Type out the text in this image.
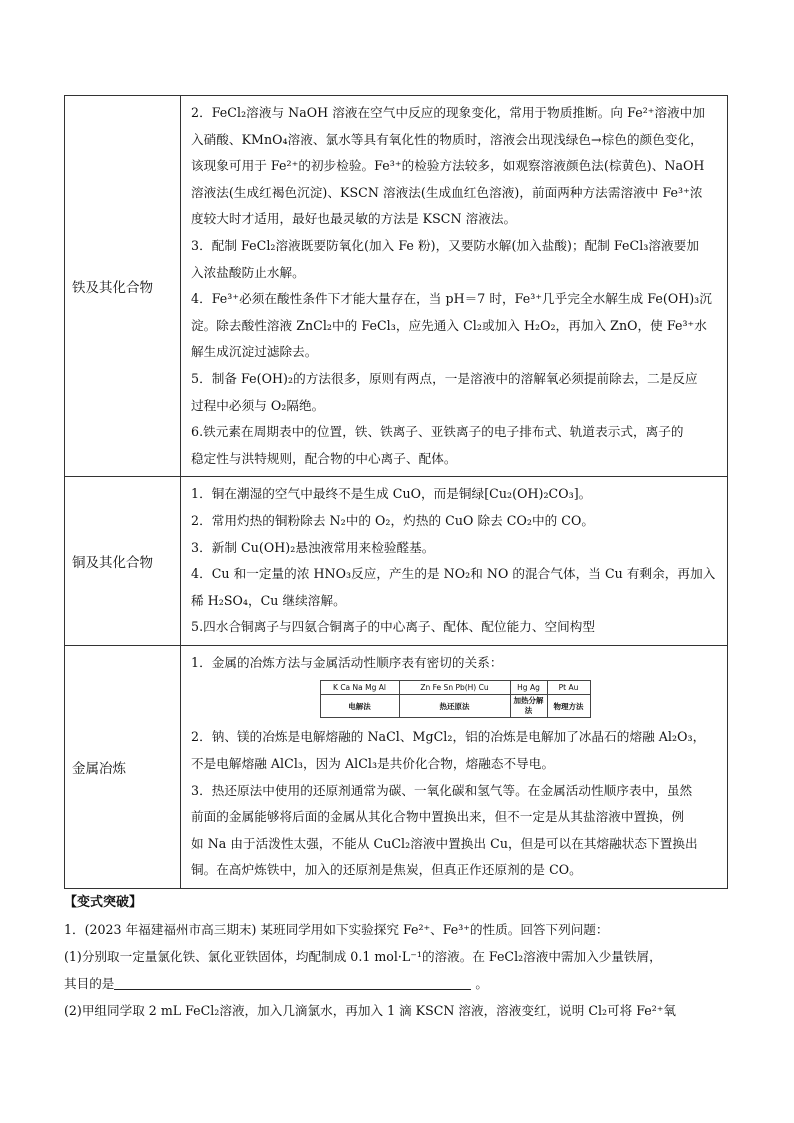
铁及其化合物	
2．FeCl₂溶液与 NaOH 溶液在空气中反应的现象变化，常用于物质推断。向 Fe²⁺溶液中加
入硝酸、KMnO₄溶液、氯水等具有氧化性的物质时，溶液会出现浅绿色→棕色的颜色变化，
该现象可用于 Fe²⁺的初步检验。Fe³⁺的检验方法较多，如观察溶液颜色法(棕黄色)、NaOH
溶液法(生成红褐色沉淀)、KSCN 溶液法(生成血红色溶液)，前面两种方法需溶液中 Fe³⁺浓
度较大时才适用，最好也最灵敏的方法是 KSCN 溶液法。
3．配制 FeCl₂溶液既要防氧化(加入 Fe 粉)，又要防水解(加入盐酸)；配制 FeCl₃溶液要加
入浓盐酸防止水解。
4．Fe³⁺必须在酸性条件下才能大量存在，当 pH＝7 时，Fe³⁺几乎完全水解生成 Fe(OH)₃沉
淀。除去酸性溶液 ZnCl₂中的 FeCl₃，应先通入 Cl₂或加入 H₂O₂，再加入 ZnO，使 Fe³⁺水
解生成沉淀过滤除去。
5．制备 Fe(OH)₂的方法很多，原则有两点，一是溶液中的溶解氧必须提前除去，二是反应
过程中必须与 O₂隔绝。
6.铁元素在周期表中的位置，铁、铁离子、亚铁离子的电子排布式、轨道表示式，离子的
稳定性与洪特规则，配合物的中心离子、配体。

铜及其化合物	
1．铜在潮湿的空气中最终不是生成 CuO，而是铜绿[Cu₂(OH)₂CO₃]。
2．常用灼热的铜粉除去 N₂中的 O₂，灼热的 CuO 除去 CO₂中的 CO。
3．新制 Cu(OH)₂悬浊液常用来检验醛基。
4．Cu 和一定量的浓 HNO₃反应，产生的是 NO₂和 NO 的混合气体，当 Cu 有剩余，再加入
稀 H₂SO₄，Cu 继续溶解。
5.四水合铜离子与四氨合铜离子的中心离子、配体、配位能力、空间构型

金属冶炼	
1．金属的冶炼方法与金属活动性顺序表有密切的关系：
K Ca Na Mg Al	Zn Fe Sn Pb(H) Cu	Hg Ag	Pt Au
电解法	热还原法	加热分解法	物理方法
2．钠、镁的冶炼是电解熔融的 NaCl、MgCl₂，铝的冶炼是电解加了冰晶石的熔融 Al₂O₃，
不是电解熔融 AlCl₃，因为 AlCl₃是共价化合物，熔融态不导电。
3．热还原法中使用的还原剂通常为碳、一氧化碳和氢气等。在金属活动性顺序表中，虽然
前面的金属能够将后面的金属从其化合物中置换出来，但不一定是从其盐溶液中置换，例
如 Na 由于活泼性太强，不能从 CuCl₂溶液中置换出 Cu，但是可以在其熔融状态下置换出
铜。在高炉炼铁中，加入的还原剂是焦炭，但真正作还原剂的是 CO。
【变式突破】
1．(2023 年福建福州市高三期末) 某班同学用如下实验探究 Fe²⁺、Fe³⁺的性质。回答下列问题：
(1)分别取一定量氯化铁、氯化亚铁固体，均配制成 0.1 mol·L⁻¹的溶液。在 FeCl₂溶液中需加入少量铁屑，
其目的是	。
(2)甲组同学取 2 mL FeCl₂溶液，加入几滴氯水，再加入 1 滴 KSCN 溶液，溶液变红，说明 Cl₂可将 Fe²⁺氧
